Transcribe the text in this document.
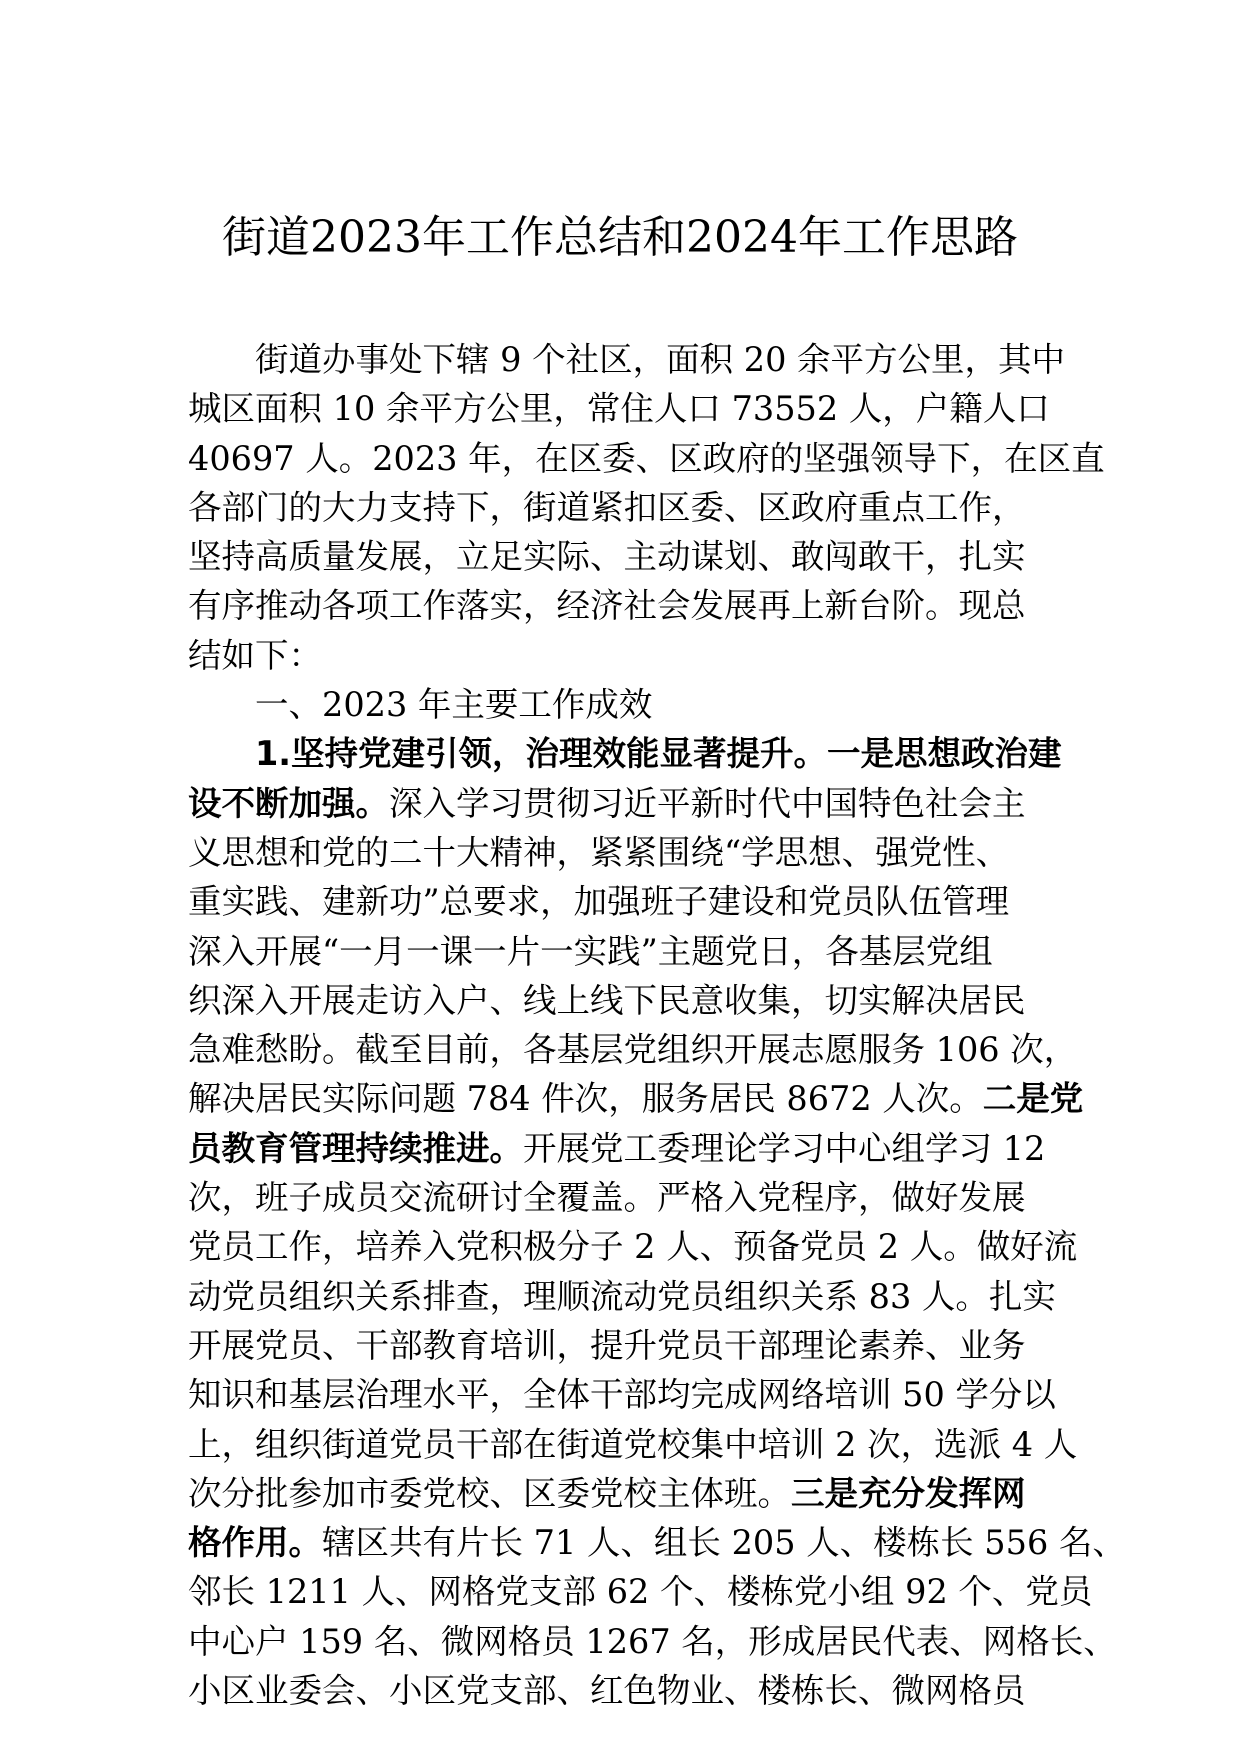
街道2023年工作总结和2024年工作思路
街道办事处下辖 9 个社区，面积 20 余平方公里，其中
城区面积 10 余平方公里，常住人口 73552 人，户籍人口
40697 人。2023 年，在区委、区政府的坚强领导下，在区直
各部门的大力支持下，街道紧扣区委、区政府重点工作，
坚持高质量发展，立足实际、主动谋划、敢闯敢干，扎实
有序推动各项工作落实，经济社会发展再上新台阶。现总
结如下：
一、2023 年主要工作成效
1.坚持党建引领，治理效能显著提升。一是思想政治建
设不断加强。深入学习贯彻习近平新时代中国特色社会主
义思想和党的二十大精神，紧紧围绕“学思想、强党性、
重实践、建新功”总要求，加强班子建设和党员队伍管理
深入开展“一月一课一片一实践”主题党日，各基层党组
织深入开展走访入户、线上线下民意收集，切实解决居民
急难愁盼。截至目前，各基层党组织开展志愿服务 106 次，
解决居民实际问题 784 件次，服务居民 8672 人次。二是党
员教育管理持续推进。开展党工委理论学习中心组学习 12
次，班子成员交流研讨全覆盖。严格入党程序，做好发展
党员工作，培养入党积极分子 2 人、预备党员 2 人。做好流
动党员组织关系排查，理顺流动党员组织关系 83 人。扎实
开展党员、干部教育培训，提升党员干部理论素养、业务
知识和基层治理水平，全体干部均完成网络培训 50 学分以
上，组织街道党员干部在街道党校集中培训 2 次，选派 4 人
次分批参加市委党校、区委党校主体班。三是充分发挥网
格作用。辖区共有片长 71 人、组长 205 人、楼栋长 556 名、
邻长 1211 人、网格党支部 62 个、楼栋党小组 92 个、党员
中心户 159 名、微网格员 1267 名，形成居民代表、网格长、
小区业委会、小区党支部、红色物业、楼栋长、微网格员
